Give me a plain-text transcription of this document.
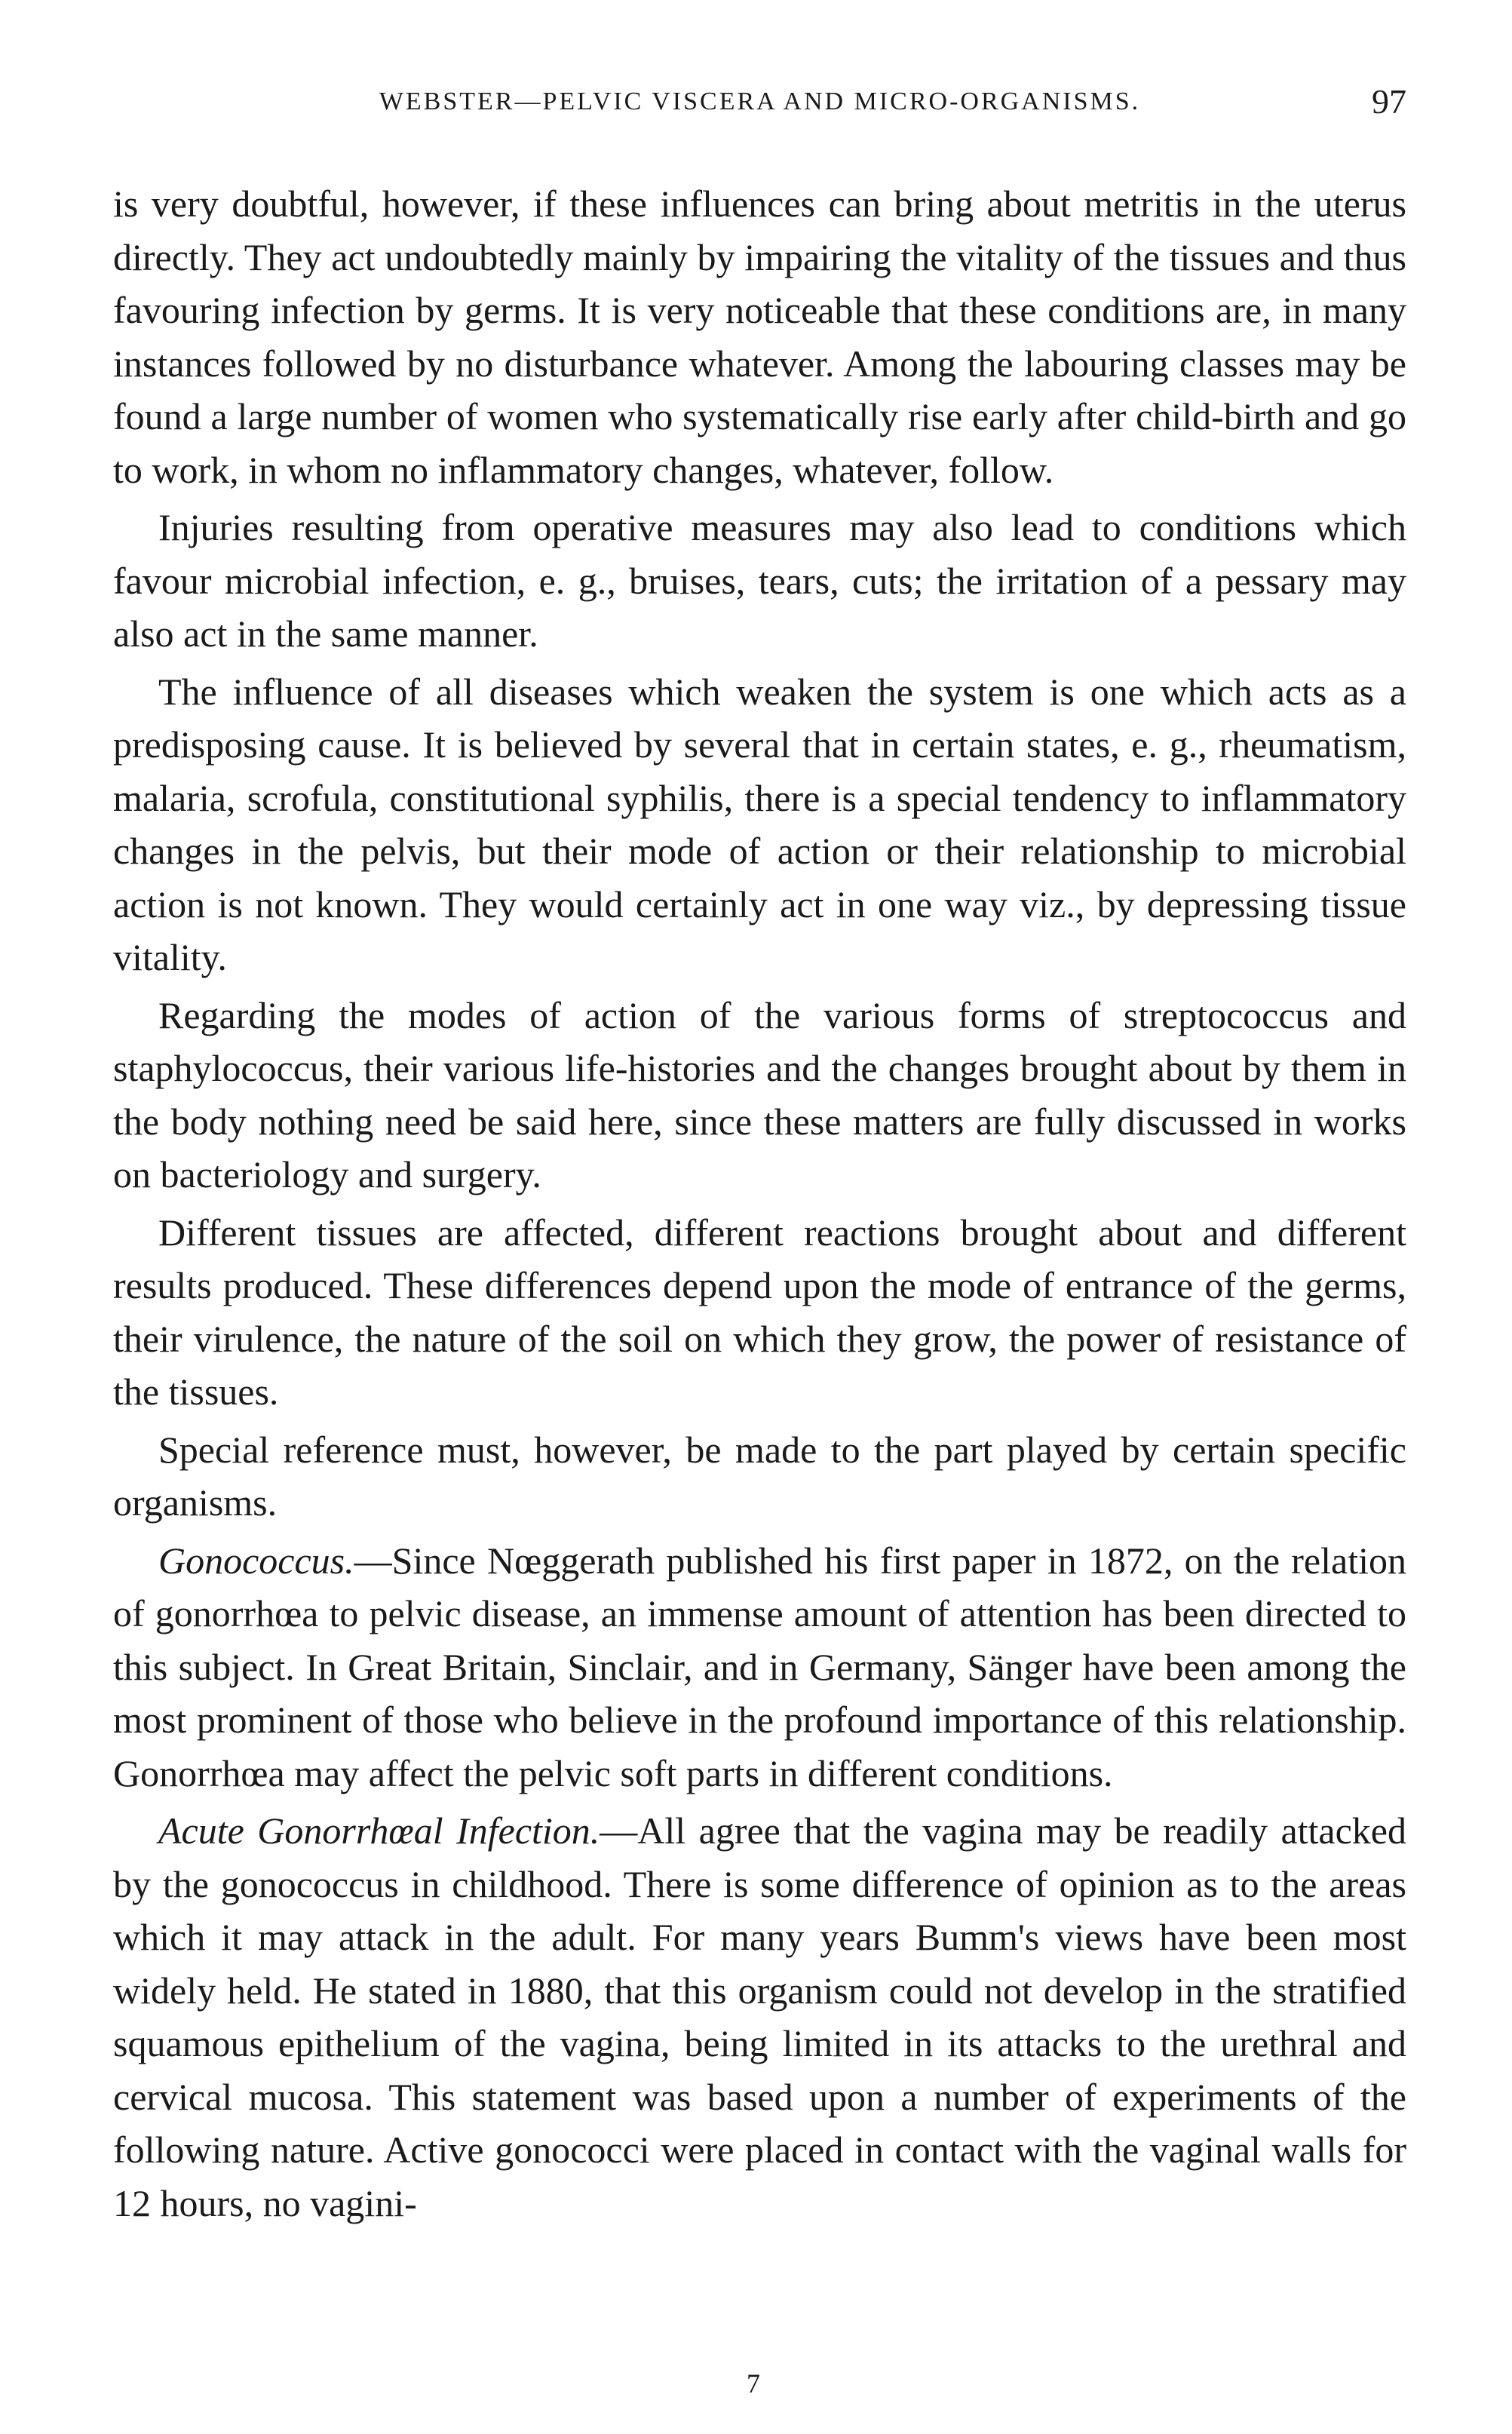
WEBSTER—PELVIC VISCERA AND MICRO-ORGANISMS.	97

is very doubtful, however, if these influences can bring about metritis in the uterus directly. They act undoubtedly mainly by impairing the vitality of the tissues and thus favouring infection by germs. It is very noticeable that these conditions are, in many instances followed by no disturbance whatever. Among the labouring classes may be found a large number of women who systematically rise early after child-birth and go to work, in whom no inflammatory changes, whatever, follow.

Injuries resulting from operative measures may also lead to conditions which favour microbial infection, e. g., bruises, tears, cuts; the irritation of a pessary may also act in the same manner.

The influence of all diseases which weaken the system is one which acts as a predisposing cause. It is believed by several that in certain states, e. g., rheumatism, malaria, scrofula, constitutional syphilis, there is a special tendency to inflammatory changes in the pelvis, but their mode of action or their relationship to microbial action is not known. They would certainly act in one way viz., by depressing tissue vitality.

Regarding the modes of action of the various forms of streptococcus and staphylococcus, their various life-histories and the changes brought about by them in the body nothing need be said here, since these matters are fully discussed in works on bacteriology and surgery.

Different tissues are affected, different reactions brought about and different results produced. These differences depend upon the mode of entrance of the germs, their virulence, the nature of the soil on which they grow, the power of resistance of the tissues.

Special reference must, however, be made to the part played by certain specific organisms.

Gonococcus.—Since Nœggerath published his first paper in 1872, on the relation of gonorrhœa to pelvic disease, an immense amount of attention has been directed to this subject. In Great Britain, Sinclair, and in Germany, Sänger have been among the most prominent of those who believe in the profound importance of this relationship. Gonorrhœa may affect the pelvic soft parts in different conditions.

Acute Gonorrhœal Infection.—All agree that the vagina may be readily attacked by the gonococcus in childhood. There is some difference of opinion as to the areas which it may attack in the adult. For many years Bumm's views have been most widely held. He stated in 1880, that this organism could not develop in the stratified squamous epithelium of the vagina, being limited in its attacks to the urethral and cervical mucosa. This statement was based upon a number of experiments of the following nature. Active gonococci were placed in contact with the vaginal walls for 12 hours, no vagini-

7
